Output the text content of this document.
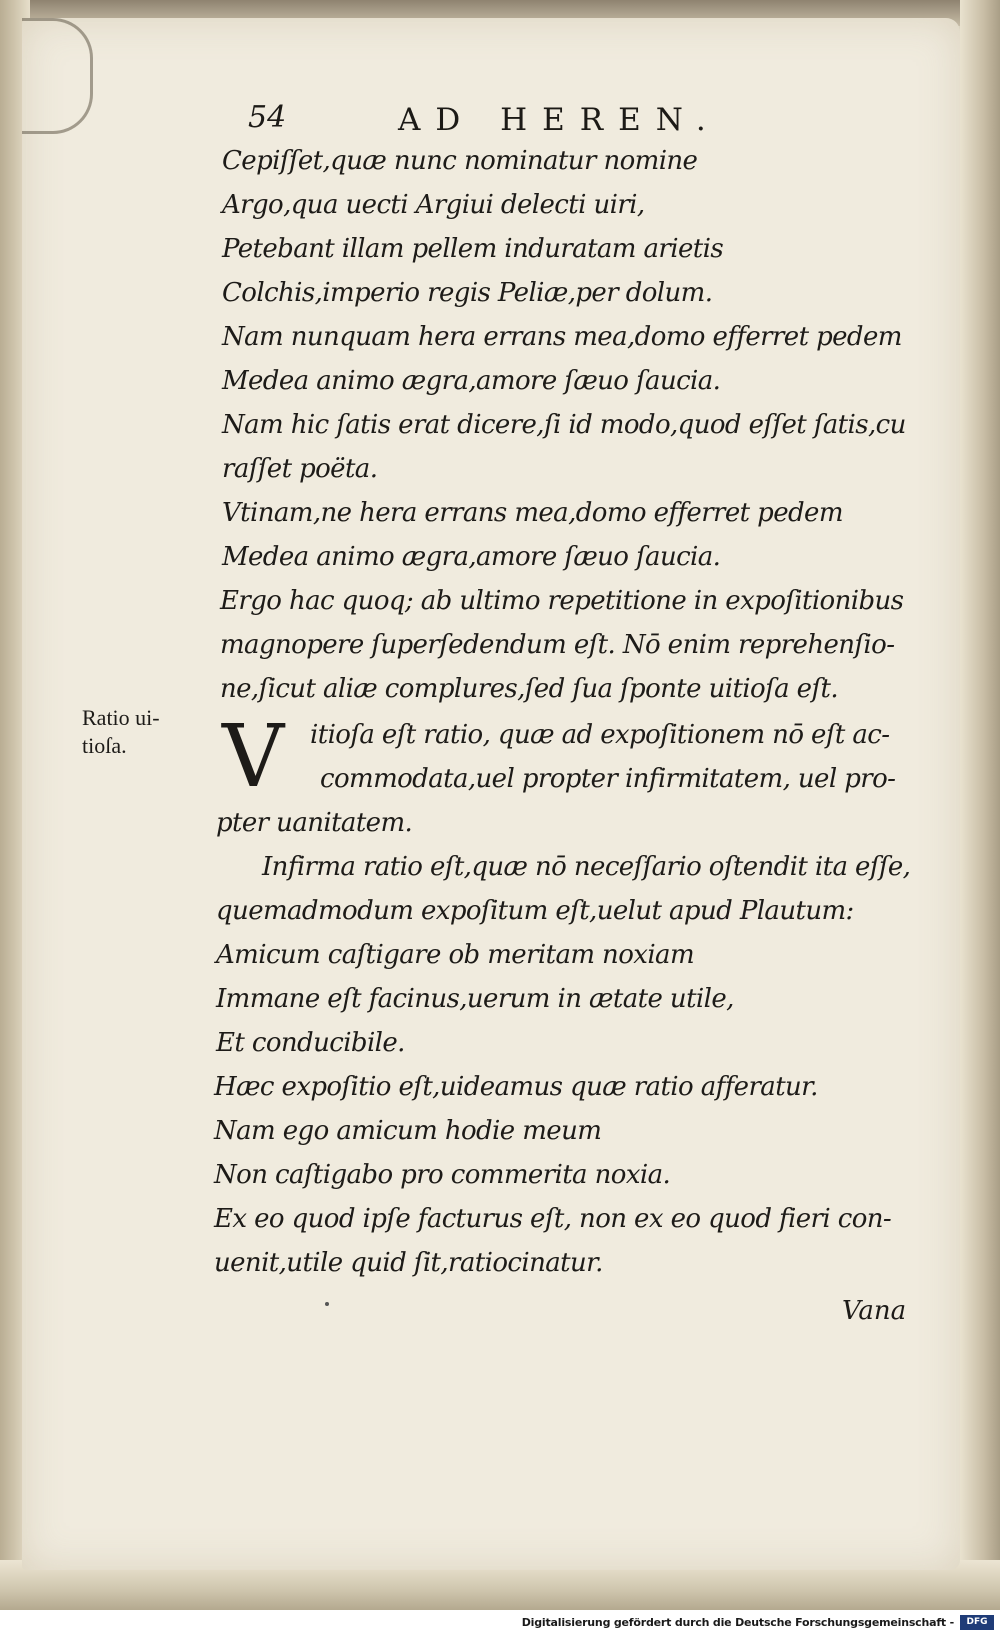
54	AD HEREN.
Ratio ui-
tioſa.	V
Cepiſſet,quæ nunc nominatur nomine
Argo,qua uecti Argiui delecti uiri,
Petebant illam pellem induratam arietis
Colchis,imperio regis Peliæ,per dolum.
Nam nunquam hera errans mea,domo efferret pedem
Medea animo ægra,amore ſæuo ſaucia.
Nam hic ſatis erat dicere,ſi id modo,quod eſſet ſatis,cu
raſſet poëta.
Vtinam,ne hera errans mea,domo efferret pedem
Medea animo ægra,amore ſæuo ſaucia.
Ergo hac quoq; ab ultimo repetitione in expoſitionibus
magnopere ſuperſedendum eſt. Nō enim reprehenſio-
ne,ſicut aliæ complures,ſed ſua ſponte uitioſa eſt.
itioſa eſt ratio, quæ ad expoſitionem nō eſt ac-
commodata,uel propter infirmitatem, uel pro-
pter uanitatem.
Infirma ratio eſt,quæ nō neceſſario oſtendit ita eſſe,
quemadmodum expoſitum eſt,uelut apud Plautum:
Amicum caſtigare ob meritam noxiam
Immane eſt facinus,uerum in ætate utile,
Et conducibile.
Hæc expoſitio eſt,uideamus quæ ratio afferatur.
Nam ego amicum hodie meum
Non caſtigabo pro commerita noxia.
Ex eo quod ipſe facturus eſt, non ex eo quod fieri con-
uenit,utile quid ſit,ratiocinatur.
Vana
Digitalisierung gefördert durch die Deutsche Forschungsgemeinschaft -	DFG
